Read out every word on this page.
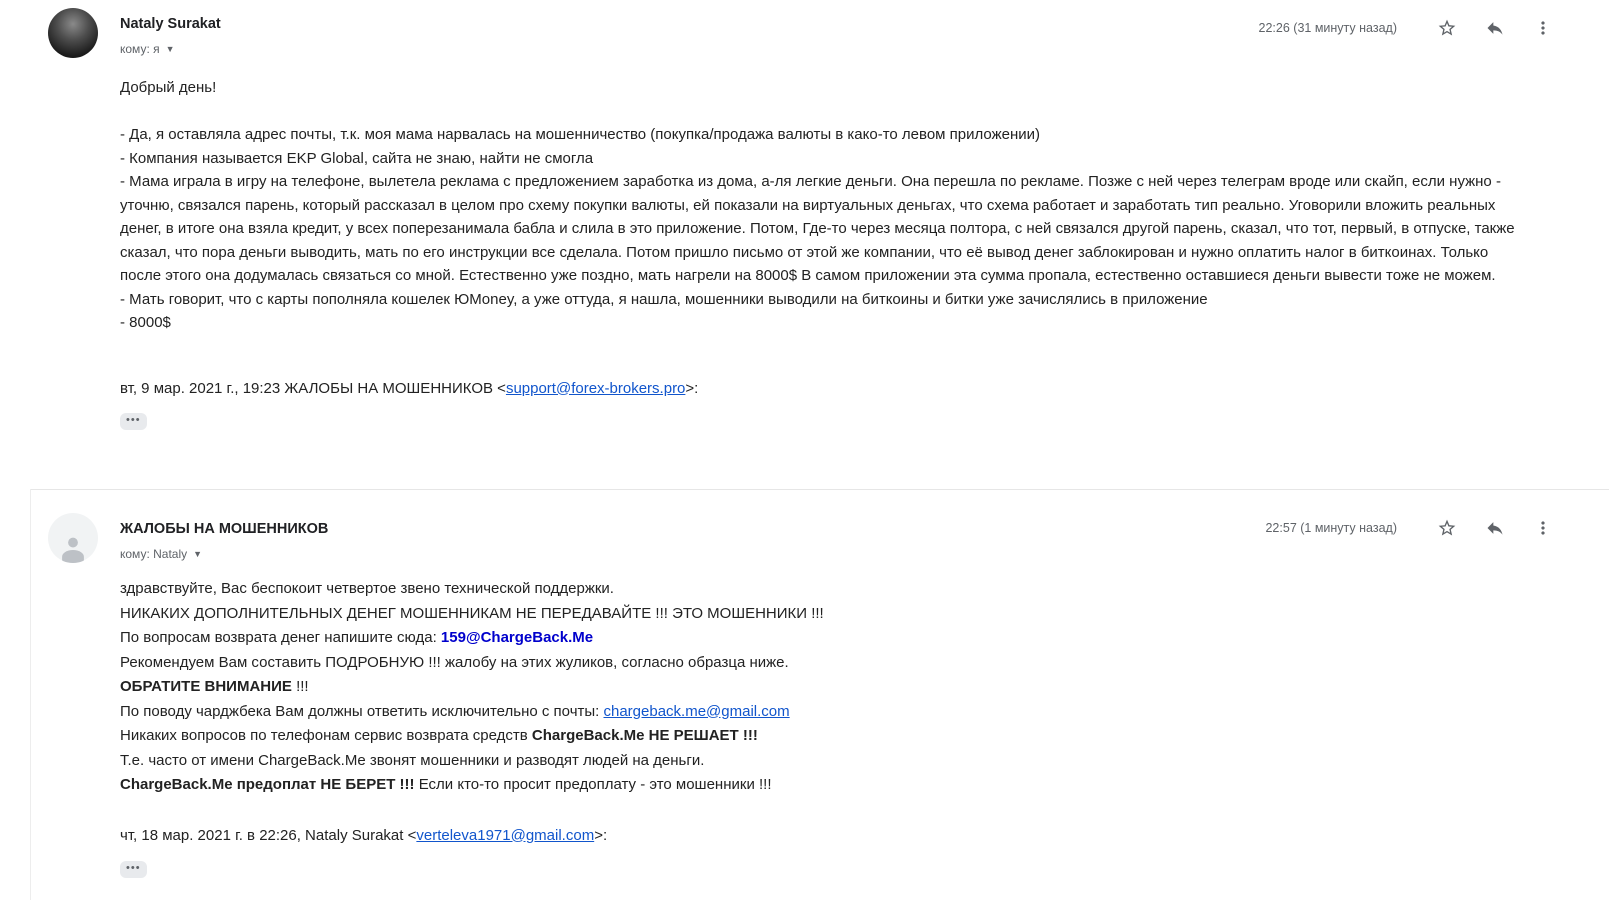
Nataly Surakat
кому: я ▼
22:26 (31 минуту назад)
Добрый день!
- Да, я оставляла адрес почты, т.к. моя мама нарвалась на мошенничество (покупка/продажа валюты в како-то левом приложении)
- Компания называется EKP Global, сайта не знаю, найти не смогла
- Мама играла в игру на телефоне, вылетела реклама с предложением заработка из дома, а-ля легкие деньги. Она перешла по рекламе. Позже с ней через телеграм вроде или скайп, если нужно - уточню, связался парень, который рассказал в целом про схему покупки валюты, ей показали на виртуальных деньгах, что схема работает и заработать тип реально. Уговорили вложить реальных денег, в итоге она взяла кредит, у всех поперезанимала бабла и слила в это приложение. Потом, Где-то через месяца полтора, с ней связался другой парень, сказал, что тот, первый, в отпуске, также сказал, что пора деньги выводить, мать по его инструкции все сделала. Потом пришло письмо от этой же компании, что её вывод денег заблокирован и нужно оплатить налог в биткоинах. Только после этого она додумалась связаться со мной. Естественно уже поздно, мать нагрели на 8000$ В самом приложении эта сумма пропала, естественно оставшиеся деньги вывести тоже не можем.
- Мать говорит, что с карты пополняла кошелек ЮMoney, а уже оттуда, я нашла, мошенники выводили на биткоины и битки уже зачислялись в приложение
- 8000$
вт, 9 мар. 2021 г., 19:23 ЖАЛОБЫ НА МОШЕННИКОВ <support@forex-brokers.pro>:
•••
ЖАЛОБЫ НА МОШЕННИКОВ
кому: Nataly ▼
22:57 (1 минуту назад)
здравствуйте, Вас беспокоит четвертое звено технической поддержки.
НИКАКИХ ДОПОЛНИТЕЛЬНЫХ ДЕНЕГ МОШЕННИКАМ НЕ ПЕРЕДАВАЙТЕ !!! ЭТО МОШЕННИКИ !!!
По вопросам возврата денег напишите сюда: 159@ChargeBack.Me
Рекомендуем Вам составить ПОДРОБНУЮ !!! жалобу на этих жуликов, согласно образца ниже.
ОБРАТИТЕ ВНИМАНИЕ !!!
По поводу чарджбека Вам должны ответить исключительно с почты: chargeback.me@gmail.com
Никаких вопросов по телефонам сервис возврата средств ChargeBack.Me НЕ РЕШАЕТ !!!
Т.е. часто от имени ChargeBack.Me звонят мошенники и разводят людей на деньги.
ChargeBack.Me предоплат НЕ БЕРЕТ !!! Если кто-то просит предоплату - это мошенники !!!
чт, 18 мар. 2021 г. в 22:26, Nataly Surakat <verteleva1971@gmail.com>:
•••
